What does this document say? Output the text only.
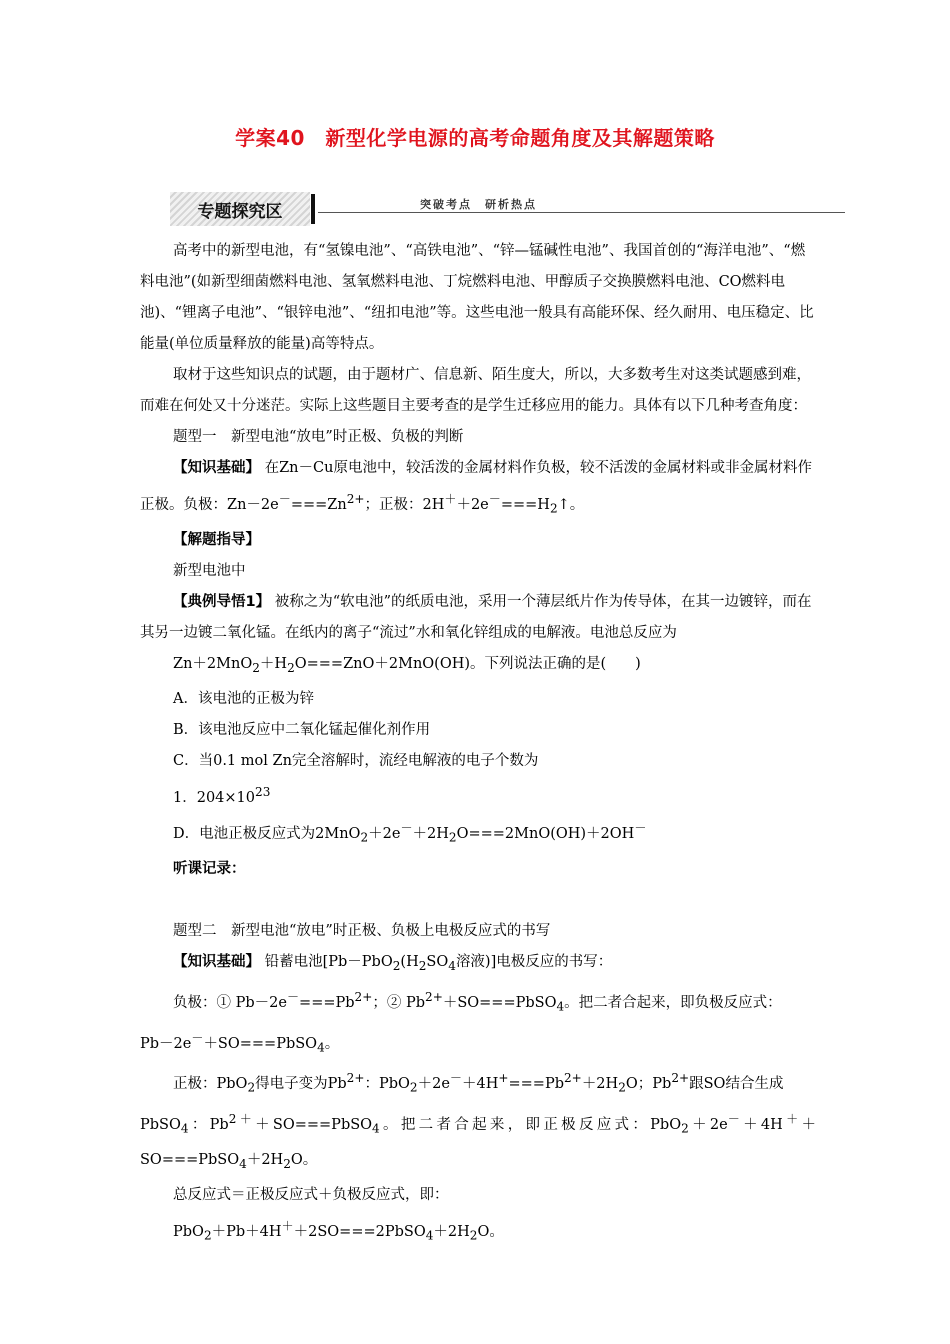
学案40　新型化学电源的高考命题角度及其解题策略
专题探究区	突破考点　研析热点

高考中的新型电池，有“氢镍电池”、“高铁电池”、“锌—锰碱性电池”、我国首创的“海洋电池”、“燃料电池”(如新型细菌燃料电池、氢氧燃料电池、丁烷燃料电池、甲醇质子交换膜燃料电池、CO燃料电池)、“锂离子电池”、“银锌电池”、“纽扣电池”等。这些电池一般具有高能环保、经久耐用、电压稳定、比能量(单位质量释放的能量)高等特点。

取材于这些知识点的试题，由于题材广、信息新、陌生度大，所以，大多数考生对这类试题感到难，而难在何处又十分迷茫。实际上这些题目主要考查的是学生迁移应用的能力。具体有以下几种考查角度：

题型一　新型电池“放电”时正极、负极的判断

【知识基础】 在Zn－Cu原电池中，较活泼的金属材料作负极，较不活泼的金属材料或非金属材料作正极。负极：$Zn-2e^-===Zn^{2+}$；正极：$2H^++2e^-===H_2↑$。

【解题指导】

新型电池中

【典例导悟1】 被称之为“软电池”的纸质电池，采用一个薄层纸片作为传导体，在其一边镀锌，而在其另一边镀二氧化锰。在纸内的离子“流过”水和氧化锌组成的电解液。电池总反应为

$Zn+2MnO_2+H_2O===ZnO+2MnO(OH)$。下列说法正确的是(　　)

A．该电池的正极为锌

B．该电池反应中二氧化锰起催化剂作用

C．当0.1 mol Zn完全溶解时，流经电解液的电子个数为

1．$204\times 10^{23}$

D．电池正极反应式为$2MnO_2+2e^-+2H_2O===2MnO(OH)+2OH^-$

听课记录：

题型二　新型电池“放电”时正极、负极上电极反应式的书写

【知识基础】 铅蓄电池[$Pb-PbO_2(H_2SO_4$溶液)]电极反应的书写：

负极：① $Pb-2e^-===Pb^{2+}$；② $Pb^{2+}+SO===PbSO_4$。把二者合起来，即负极反应式：

Pb－2e－＋SO===PbSO$_4$。

正极：PbO$_2$得电子变为$Pb^{2+}$：$PbO_2+2e^-+4H^+===Pb^{2+}+2H_2O$；$Pb^{2+}$跟SO结合生成

PbSO$_4$：$Pb^{2+}+SO===PbSO_4$。把二者合起来，即正极反应式：PbO$_2$＋2e－＋4H＋＋

$SO===PbSO_4+2H_2O$。

总反应式＝正极反应式＋负极反应式，即：

$PbO_2+Pb+4H^++2SO===2PbSO_4+2H_2O$。
